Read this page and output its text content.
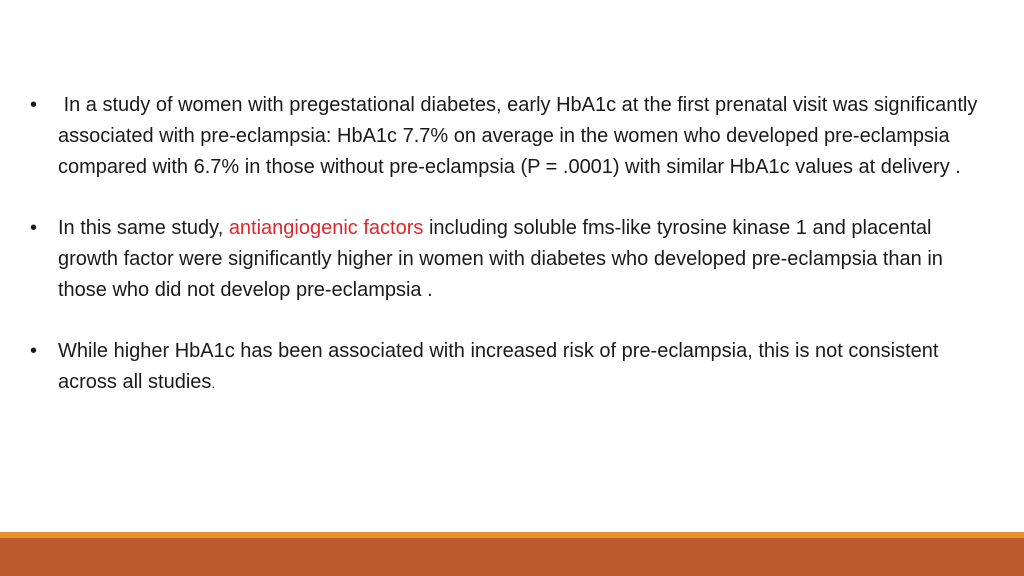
• In a study of women with pregestational diabetes, early HbA1c at the first prenatal visit was significantly associated with pre-eclampsia: HbA1c 7.7% on average in the women who developed pre-eclampsia compared with 6.7% in those without pre-eclampsia (P = .0001) with similar HbA1c values at delivery .
• In this same study, antiangiogenic factors including soluble fms-like tyrosine kinase 1 and placental growth factor were significantly higher in women with diabetes who developed pre-eclampsia than in those who did not develop pre-eclampsia .
• While higher HbA1c has been associated with increased risk of pre-eclampsia, this is not consistent across all studies.
